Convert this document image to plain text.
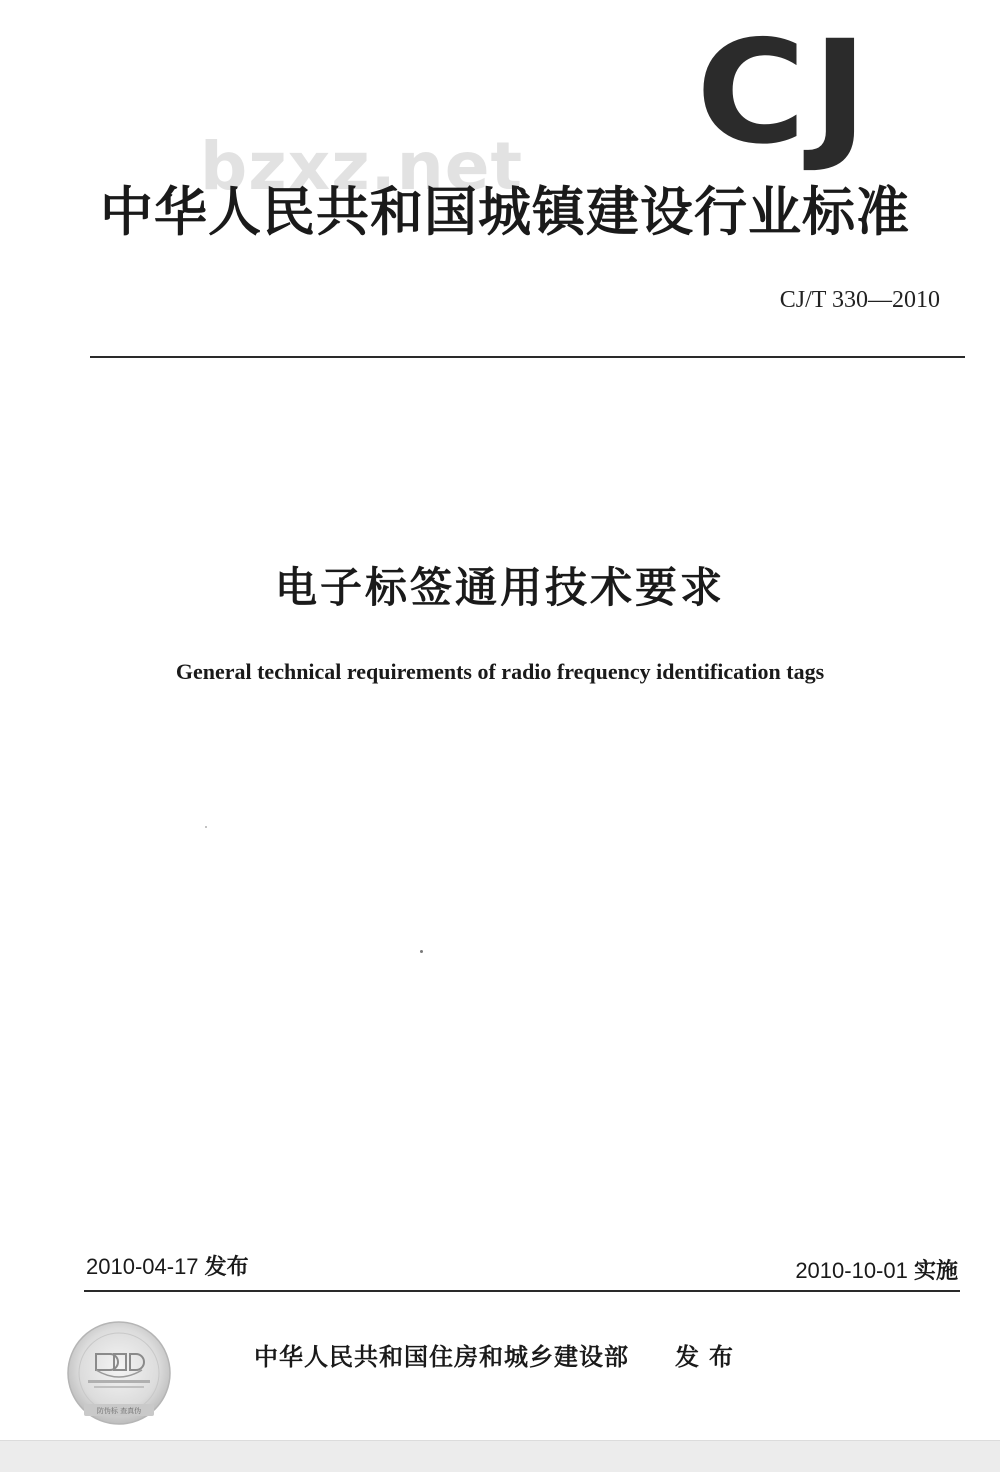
CJ
bzxz.net
中华人民共和国城镇建设行业标准
CJ/T 330—2010
电子标签通用技术要求
General technical requirements of radio frequency identification tags
2010-04-17 发布	2010-10-01 实施
防伪标 查真伪
中华人民共和国住房和城乡建设部 发布
